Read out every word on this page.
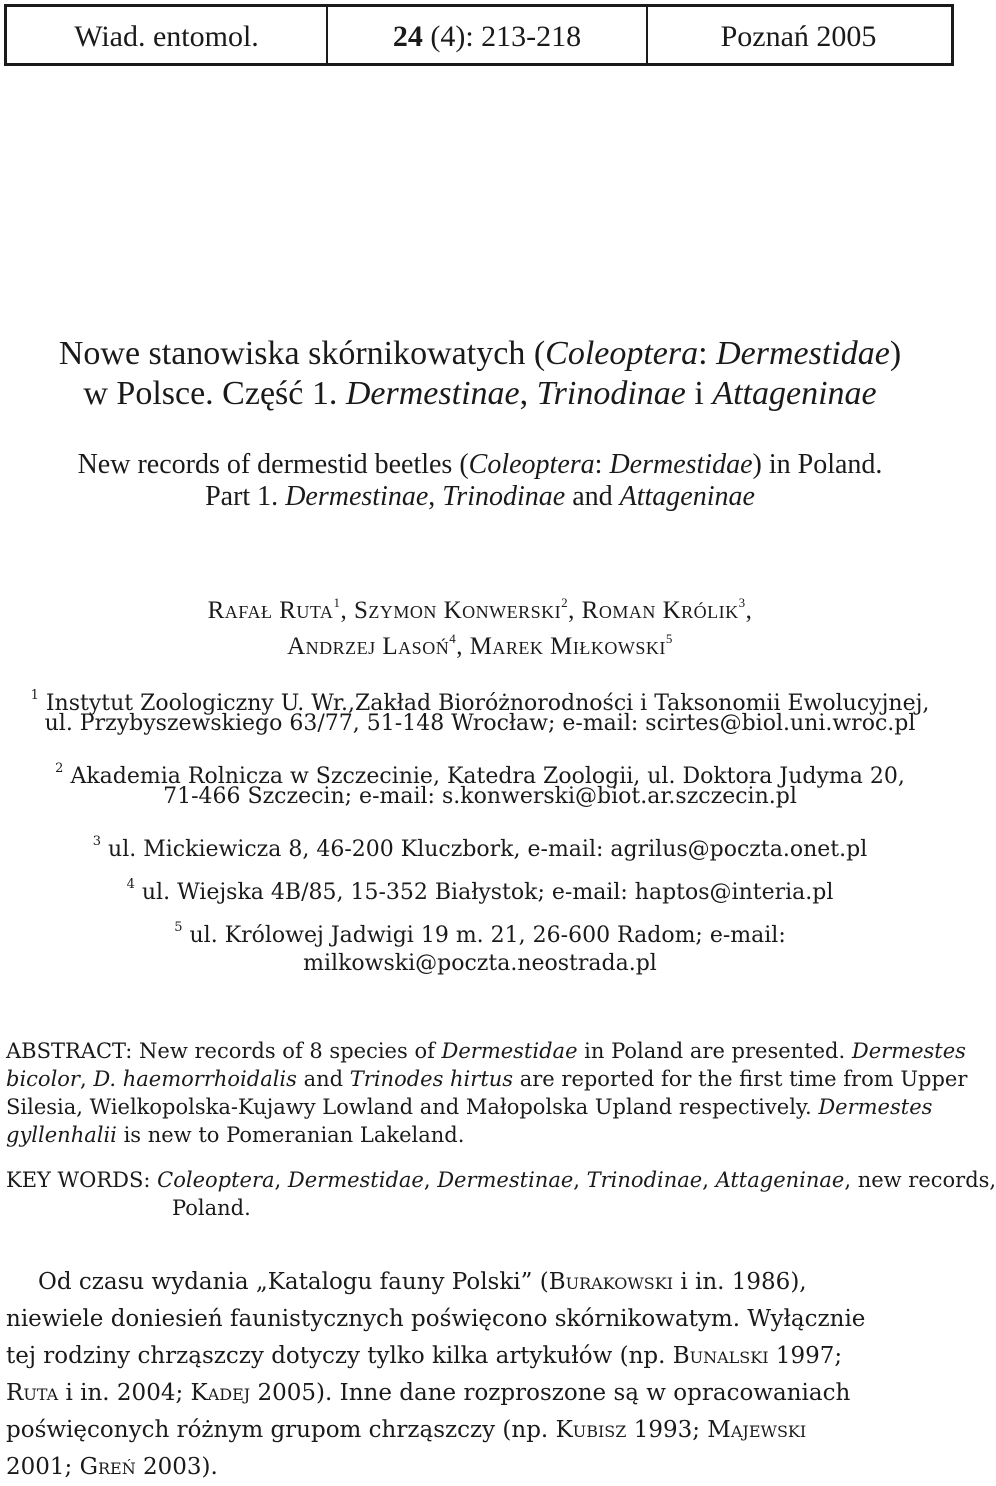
Wiad. entomol.	24 (4): 213-218	Poznań 2005
Nowe stanowiska skórnikowatych (Coleoptera: Dermestidae)
w Polsce. Część 1. Dermestinae, Trinodinae i Attageninae
New records of dermestid beetles (Coleoptera: Dermestidae) in Poland.
Part 1. Dermestinae, Trinodinae and Attageninae
Rafał Ruta$^1$, Szymon Konwerski$^2$, Roman Królik$^3$,
Andrzej Lasoń$^4$, Marek Miłkowski$^5$
$^1$ Instytut Zoologiczny U. Wr.,Zakład Bioróżnorodności i Taksonomii Ewolucyjnej,
ul. Przybyszewskiego 63/77, 51-148 Wrocław; e-mail: scirtes@biol.uni.wroc.pl
$^2$ Akademia Rolnicza w Szczecinie, Katedra Zoologii, ul. Doktora Judyma 20,
71-466 Szczecin; e-mail: s.konwerski@biot.ar.szczecin.pl
$^3$ ul. Mickiewicza 8, 46-200 Kluczbork, e-mail: agrilus@poczta.onet.pl
$^4$ ul. Wiejska 4B/85, 15-352 Białystok; e-mail: haptos@interia.pl
$^5$ ul. Królowej Jadwigi 19 m. 21, 26-600 Radom; e-mail: milkowski@poczta.neostrada.pl
ABSTRACT: New records of 8 species of Dermestidae in Poland are presented. Dermestes
bicolor, D. haemorrhoidalis and Trinodes hirtus are reported for the first time from Upper
Silesia, Wielkopolska-Kujawy Lowland and Małopolska Upland respectively. Dermestes
gyllenhalii is new to Pomeranian Lakeland.
KEY WORDS: Coleoptera, Dermestidae, Dermestinae, Trinodinae, Attageninae, new records,
Poland.
Od czasu wydania „Katalogu fauny Polski” (Burakowski i in. 1986),
niewiele doniesień faunistycznych poświęcono skórnikowatym. Wyłącznie
tej rodziny chrząszczy dotyczy tylko kilka artykułów (np. Bunalski 1997;
Ruta i in. 2004; Kadej 2005). Inne dane rozproszone są w opracowaniach
poświęconych różnym grupom chrząszczy (np. Kubisz 1993; Majewski
2001; Greń 2003).
